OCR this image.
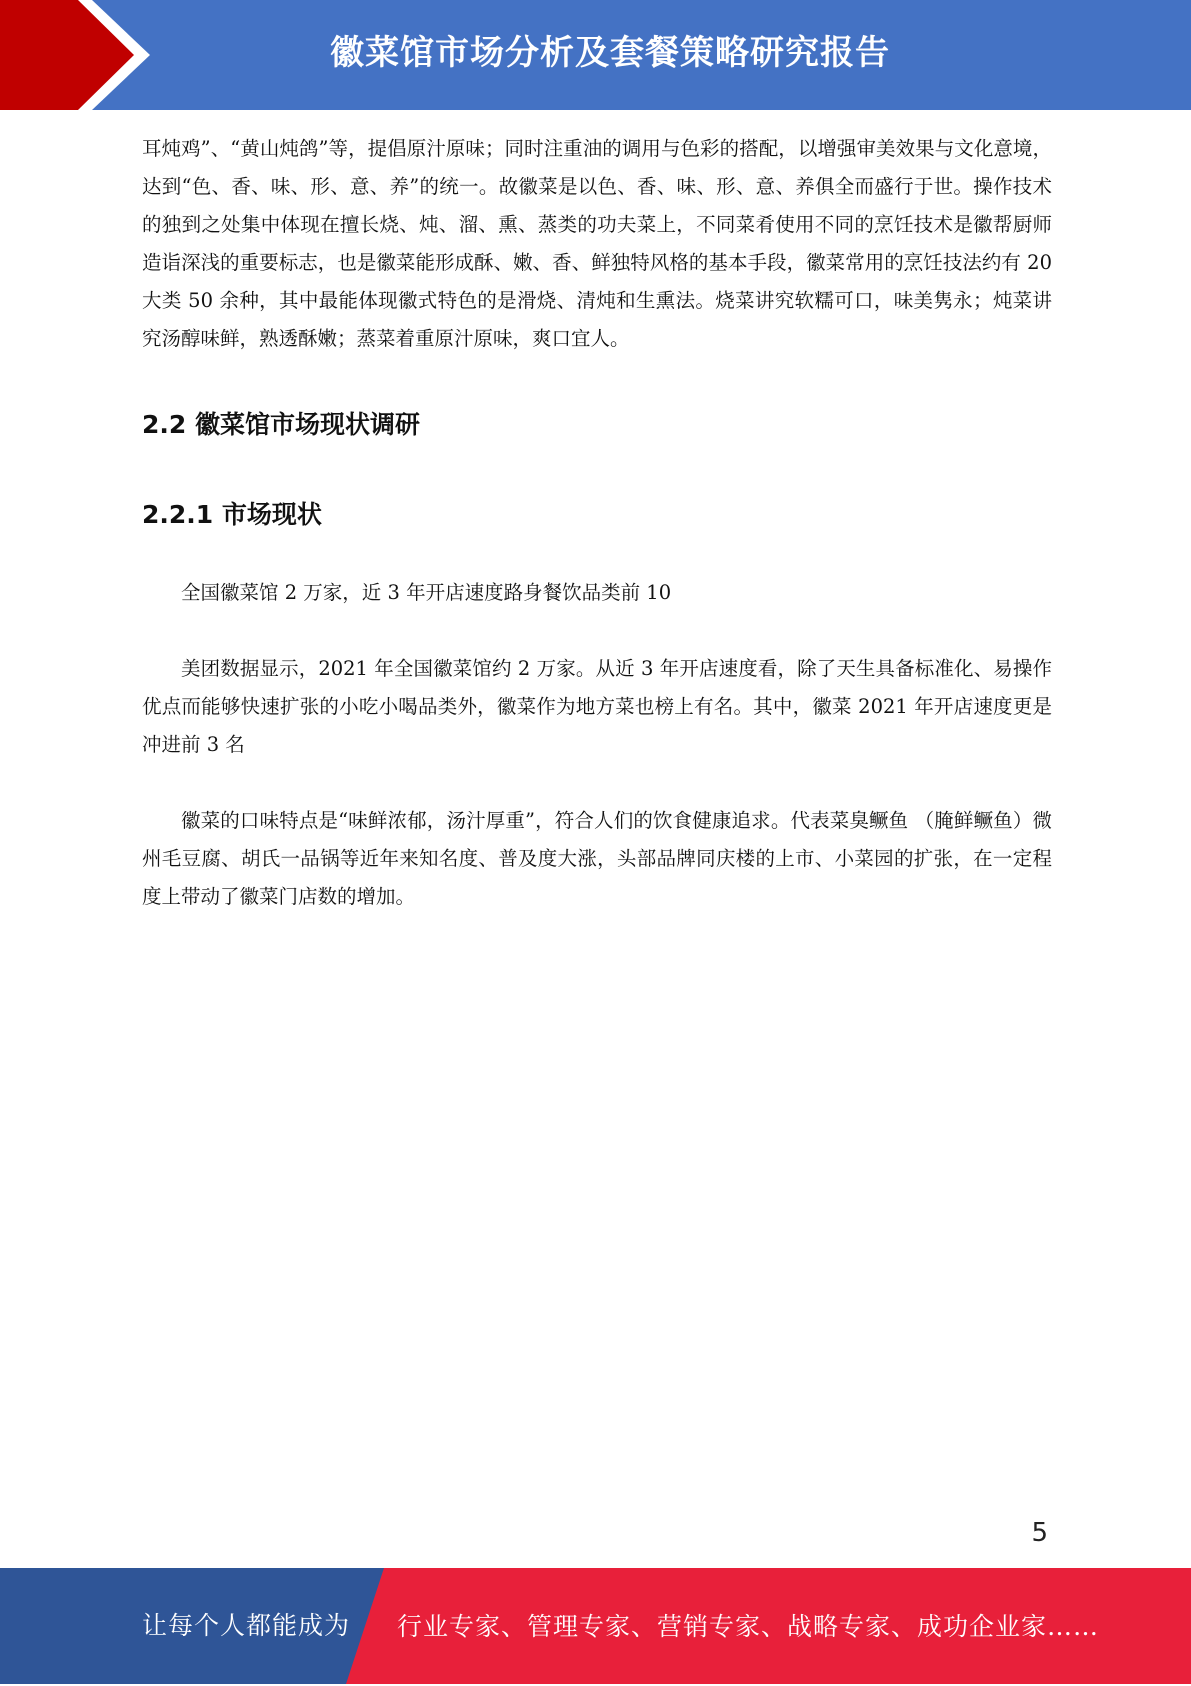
徽菜馆市场分析及套餐策略研究报告

耳炖鸡”、“黄山炖鸽”等，提倡原汁原味；同时注重油的调用与色彩的搭配，以增强审美效果与文化意境，达到“色、香、味、形、意、养”的统一。故徽菜是以色、香、味、形、意、养俱全而盛行于世。操作技术的独到之处集中体现在擅长烧、炖、溜、熏、蒸类的功夫菜上，不同菜肴使用不同的烹饪技术是徽帮厨师造诣深浅的重要标志，也是徽菜能形成酥、嫩、香、鲜独特风格的基本手段，徽菜常用的烹饪技法约有 20 大类 50 余种，其中最能体现徽式特色的是滑烧、清炖和生熏法。烧菜讲究软糯可口，味美隽永；炖菜讲究汤醇味鲜，熟透酥嫩；蒸菜着重原汁原味，爽口宜人。

2.2 徽菜馆市场现状调研
2.2.1 市场现状

全国徽菜馆 2 万家，近 3 年开店速度路身餐饮品类前 10

美团数据显示，2021 年全国徽菜馆约 2 万家。从近 3 年开店速度看，除了天生具备标准化、易操作优点而能够快速扩张的小吃小喝品类外，徽菜作为地方菜也榜上有名。其中，徽菜 2021 年开店速度更是冲进前 3 名

徽菜的口味特点是“味鲜浓郁，汤汁厚重”，符合人们的饮食健康追求。代表菜臭鳜鱼 （腌鲜鳜鱼）微州毛豆腐、胡氏一品锅等近年来知名度、普及度大涨，头部品牌同庆楼的上市、小菜园的扩张，在一定程度上带动了徽菜门店数的增加。

5
让每个人都能成为 行业专家、管理专家、营销专家、战略专家、成功企业家……
